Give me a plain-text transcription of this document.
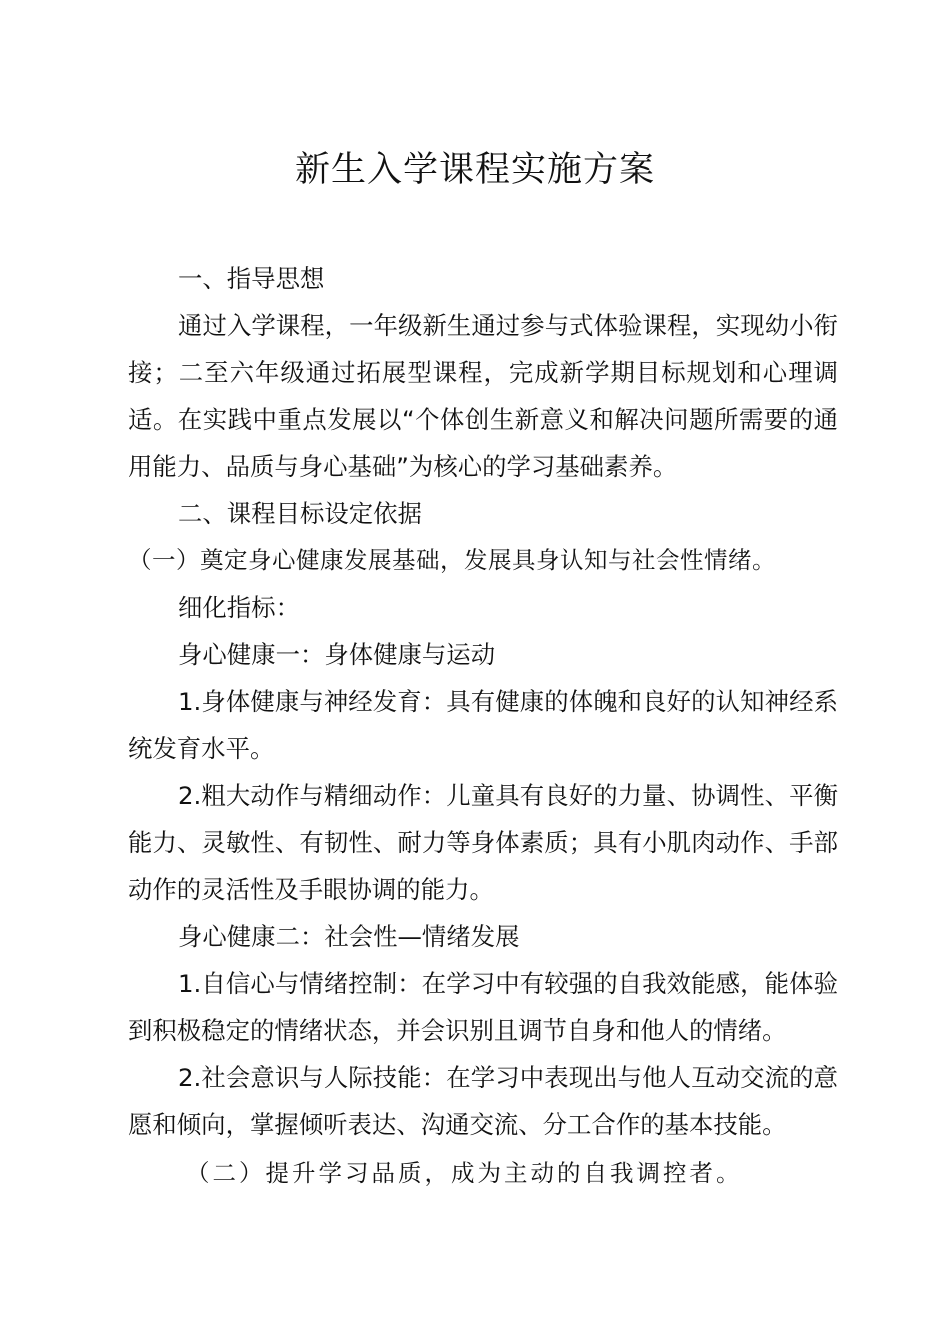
新生入学课程实施方案

一、指导思想

通过入学课程，一年级新生通过参与式体验课程，实现幼小衔接；二至六年级通过拓展型课程，完成新学期目标规划和心理调适。在实践中重点发展以“个体创生新意义和解决问题所需要的通用能力、品质与身心基础”为核心的学习基础素养。

二、课程目标设定依据

（一）奠定身心健康发展基础，发展具身认知与社会性情绪。

细化指标：

身心健康一：身体健康与运动

1.身体健康与神经发育：具有健康的体魄和良好的认知神经系统发育水平。

2.粗大动作与精细动作：儿童具有良好的力量、协调性、平衡能力、灵敏性、有韧性、耐力等身体素质；具有小肌肉动作、手部动作的灵活性及手眼协调的能力。

身心健康二：社会性—情绪发展

1.自信心与情绪控制：在学习中有较强的自我效能感，能体验到积极稳定的情绪状态，并会识别且调节自身和他人的情绪。

2.社会意识与人际技能：在学习中表现出与他人互动交流的意愿和倾向，掌握倾听表达、沟通交流、分工合作的基本技能。

（二）提升学习品质，成为主动的自我调控者。
